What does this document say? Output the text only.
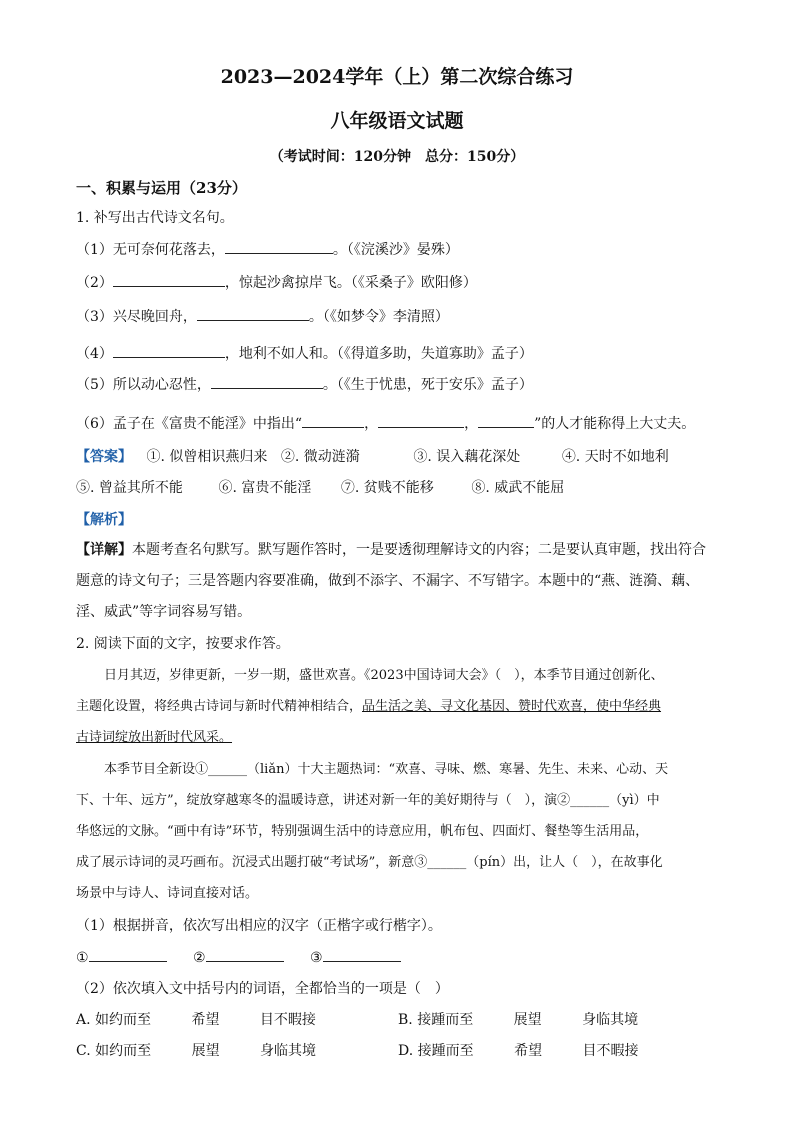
2023—2024学年（上）第二次综合练习
八年级语文试题
（考试时间：120分钟　总分：150分）
一、积累与运用（23分）
1. 补写出古代诗文名句。
（1）无可奈何花落去，	。（《浣溪沙》晏殊）
（2）	，惊起沙禽掠岸飞。（《采桑子》欧阳修）
（3）兴尽晚回舟，	。（《如梦令》李清照）
（4）	，地利不如人和。（《得道多助，失道寡助》孟子）
（5）所以动心忍性，	。（《生于忧患，死于安乐》孟子）
（6）孟子在《富贵不能淫》中指出“	，	，	”的人才能称得上大丈夫。
【答案】 ①. 似曾相识燕归来 ②. 微动涟漪	③. 误入藕花深处	④. 天时不如地利
⑤. 曾益其所不能	⑥. 富贵不能淫 ⑦. 贫贱不能移	⑧. 威武不能屈
【解析】
【详解】本题考查名句默写。默写题作答时，一是要透彻理解诗文的内容；二是要认真审题，找出符合
题意的诗文句子；三是答题内容要准确，做到不添字、不漏字、不写错字。本题中的“燕、涟漪、藕、
淫、威武”等字词容易写错。
2. 阅读下面的文字，按要求作答。
日月其迈，岁律更新，一岁一期，盛世欢喜。《2023中国诗词大会》（　），本季节目通过创新化、
主题化设置，将经典古诗词与新时代精神相结合，品生活之美、寻文化基因、赞时代欢喜，使中华经典
古诗词绽放出新时代风采。
本季节目全新设①______（liǎn）十大主题热词：“欢喜、寻味、燃、寒暑、先生、未来、心动、天
下、十年、远方”，绽放穿越寒冬的温暖诗意，讲述对新一年的美好期待与（　），演②______（yì）中
华悠远的文脉。“画中有诗”环节，特别强调生活中的诗意应用，帆布包、四面灯、餐垫等生活用品，
成了展示诗词的灵巧画布。沉浸式出题打破“考试场”，新意③______（pín）出，让人（　），在故事化
场景中与诗人、诗词直接对话。
（1）根据拼音，依次写出相应的汉字（正楷字或行楷字）。
①	②	③
（2）依次填入文中括号内的词语，全都恰当的一项是（　）
A. 如约而至	希望	目不暇接	B. 接踵而至	展望	身临其境
C. 如约而至	展望	身临其境	D. 接踵而至	希望	目不暇接
